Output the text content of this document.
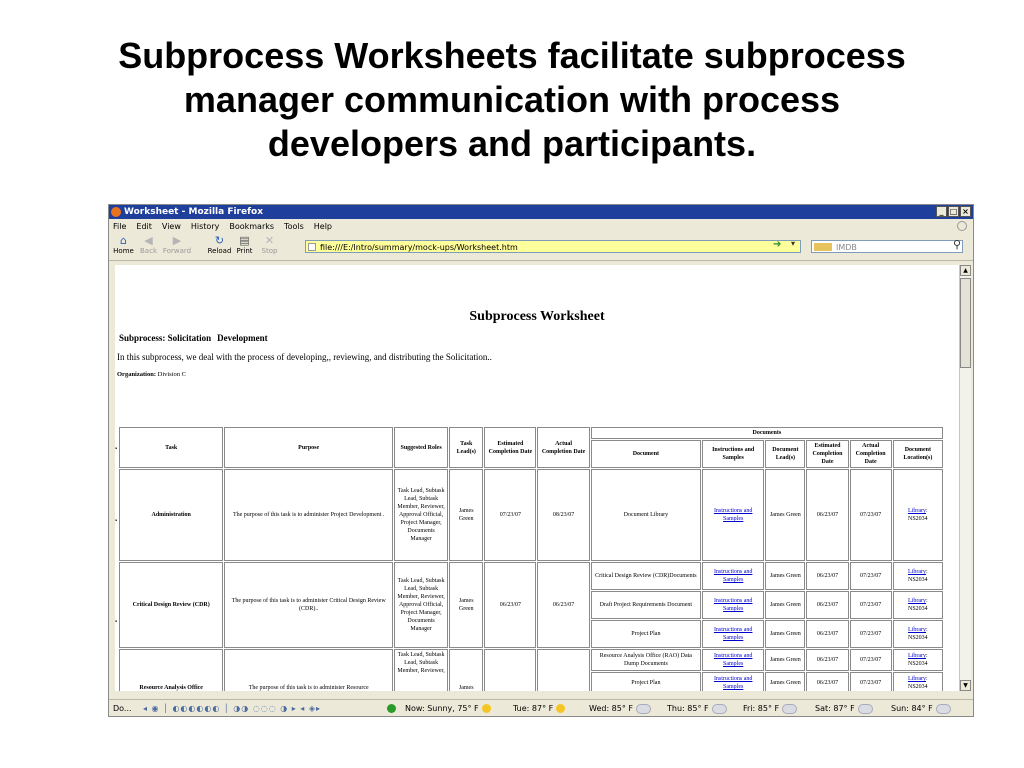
Subprocess Worksheets facilitate subprocess
manager communication with process
developers and participants.
Worksheet - Mozilla Firefox	_ □ ×
File Edit View History Bookmarks Tools Help
⌂
Home
◀
Back
▶
Forward
↻
Reload
▤
Print
✕
Stop	file:///E:/Intro/summary/mock-ups/Worksheet.htm	➔ ▾	IMDB	⚲
Subprocess Worksheet
Subprocess: Solicitation Development
In this subprocess, we deal with the process of developing,, reviewing, and distributing the Solicitation..
Organization: Division C
▪
▪
▪
Task	Purpose	Suggested Roles	Task Lead(s)	Estimated Completion Date	Actual Completion Date	Documents					
						Document	Instructions and Samples	Document Lead(s)	Estimated Completion Date	Actual Completion Date	Document Location(s)
Administration	The purpose of this task is to administer Project Development .	Task Lead, Subtask Lead, Subtask Member, Reviewer, Approval Official, Project Manager, Documents Manager	James Green	07/23/07	08/23/07	Document Library	Instructions and Samples	James Green	06/23/07	07/23/07	Library:
NS2034
Critical Design Review (CDR)	The purpose of this task is to administer Critical Design Review (CDR)..	Task Lead, Subtask Lead, Subtask Member, Reviewer, Approval Official, Project Manager, Documents Manager	James Green	06/23/07	06/23/07	Critical Design Review (CDR)Documents	Instructions and Samples	James Green	06/23/07	07/23/07	Library:
NS2034
						Draft Project Requirements Document	Instructions and Samples	James Green	06/23/07	07/23/07	Library:
NS2034
						Project Plan	Instructions and Samples	James Green	06/23/07	07/23/07	Library:
NS2034
Resource Analysis Office	The purpose of this task is to administer Resource	Task Lead, Subtask Lead, Subtask Member, Reviewer,	James			Resource Analysis Office (RAO) Data Dump Documents	Instructions and Samples	James Green	06/23/07	07/23/07	Library:
NS2034
						Project Plan	Instructions and Samples	James Green	06/23/07	07/23/07	Library:
NS2034
▲
▼
Do... ◂ ◉ │ ◐◐◐◐◐◐ │ ◑◑ ◌◌◌ ◑ ▸ ◂ ◈▸	Now: Sunny, 75° F	Tue: 87° F	Wed: 85° F	Thu: 85° F	Fri: 85° F	Sat: 87° F	Sun: 84° F
